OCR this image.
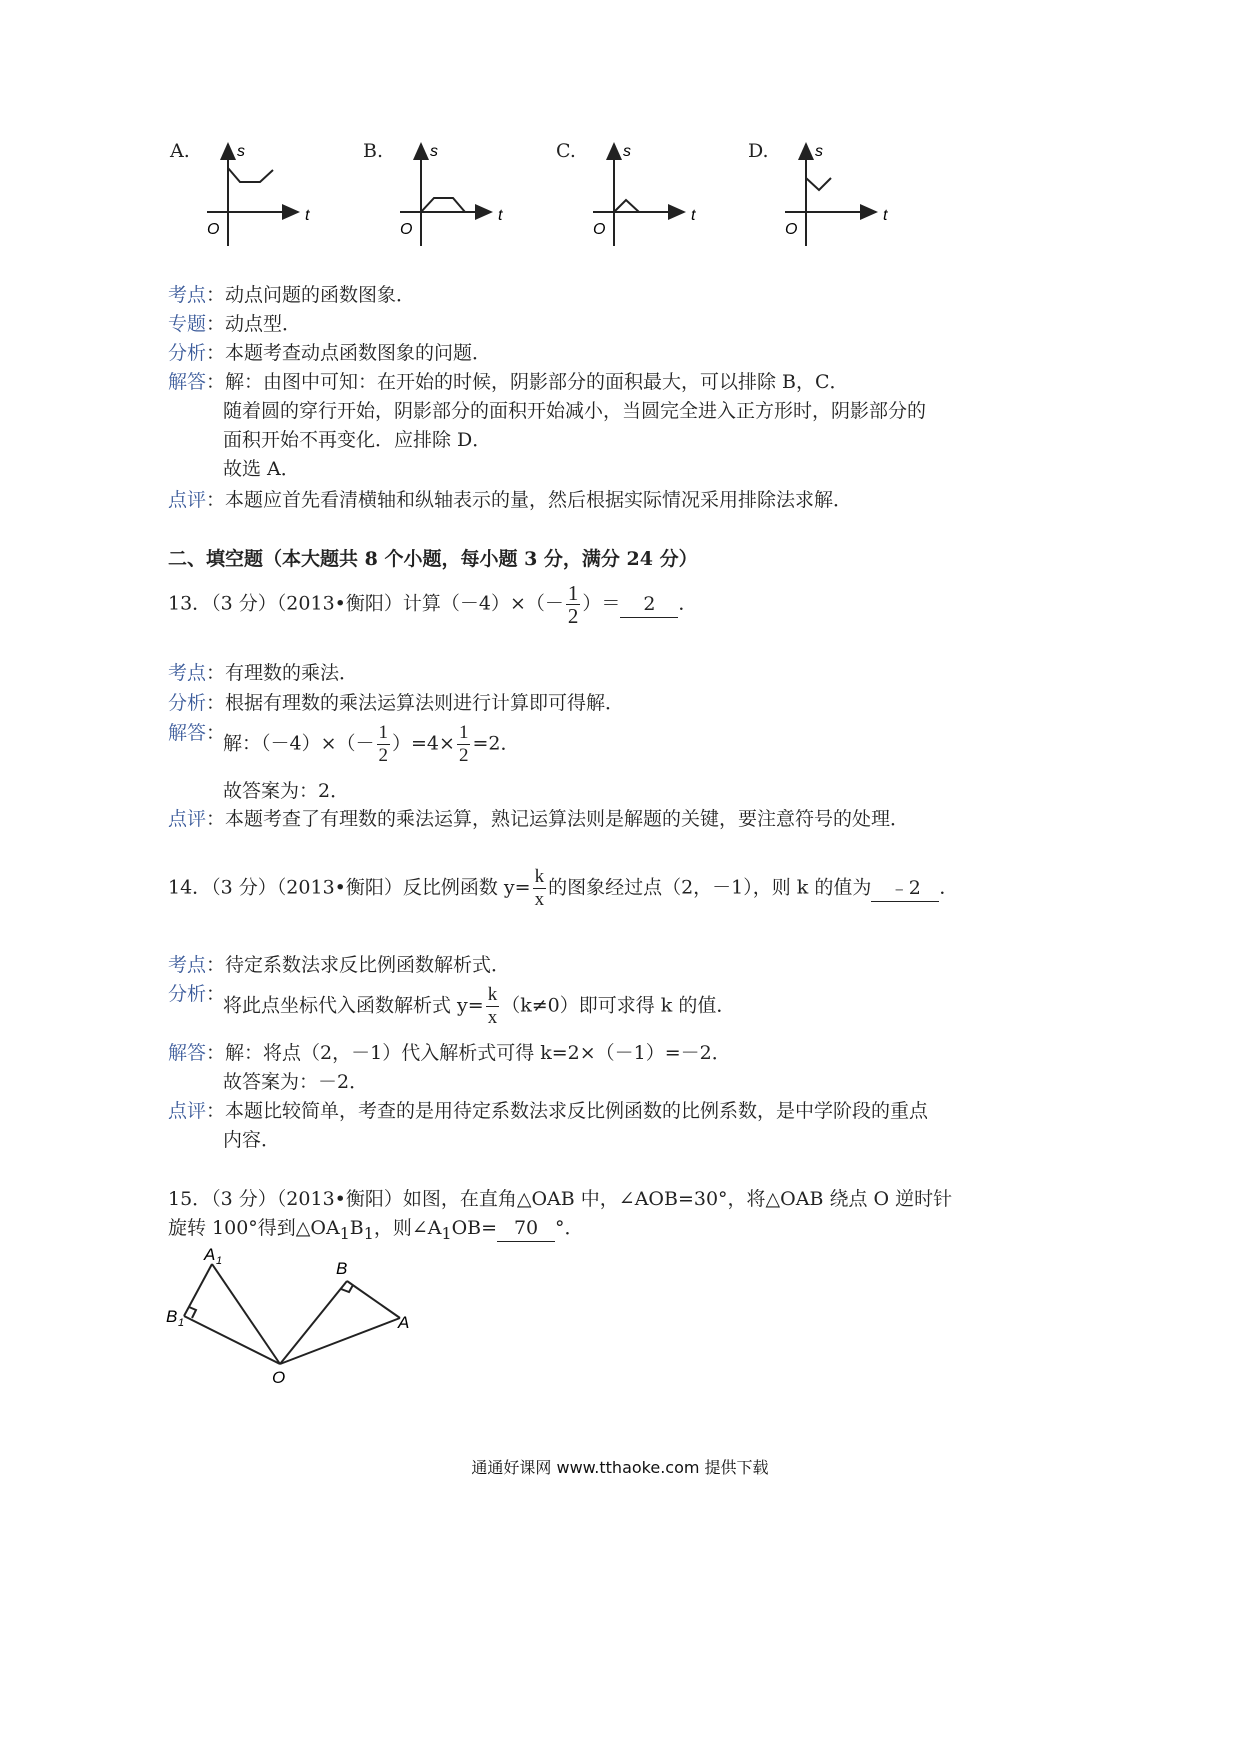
A.	s
t
O
B.	s
t
O
C.	s
t
O
D.	s
t
O
考点：动点问题的函数图象．
专题：动点型．
分析：本题考查动点函数图象的问题．
解答：解：由图中可知：在开始的时候，阴影部分的面积最大，可以排除 B，C．
随着圆的穿行开始，阴影部分的面积开始减小，当圆完全进入正方形时，阴影部分的
面积开始不再变化．应排除 D．
故选 A．
点评：本题应首先看清横轴和纵轴表示的量，然后根据实际情况采用排除法求解．
二、填空题（本大题共 8 个小题，每小题 3 分，满分 24 分）
13．（3 分）（2013•衡阳）计算$(-4)\times(- \frac{1}{2}$ ）＝ 2 ．
考点：有理数的乘法．
分析：根据有理数的乘法运算法则进行计算即可得解．
解答：
解：$(-4)\times(- \frac{1}{2} )=4\times \frac{1}{2} =2$．
故答案为：2．
点评：本题考查了有理数的乘法运算，熟记运算法则是解题的关键，要注意符号的处理．
14．（3 分）（2013•衡阳）反比例函数 $y= \frac{k}{x}$ 的图象经过点（2，－1），则 k 的值为 ﹣2 ．
考点：待定系数法求反比例函数解析式．
分析：
将此点坐标代入函数解析式 $y= \frac{k}{x} (k\ne 0)$即可求得 k 的值．
解答：解：将点（2，－1）代入解析式可得 k=2×（－1）=－2．
故答案为：－2．
点评：本题比较简单，考查的是用待定系数法求反比例函数的比例系数，是中学阶段的重点
内容．
15．（3 分）（2013•衡阳）如图，在直角△OAB 中，∠AOB=30°，将△OAB 绕点 O 逆时针
旋转 100°得到$\triangle OA_1B_1$，则$\angle A_1OB= 70$ °．
A 1
B 1
B
A
O
通通好课网 www.tthaoke.com 提供下载
